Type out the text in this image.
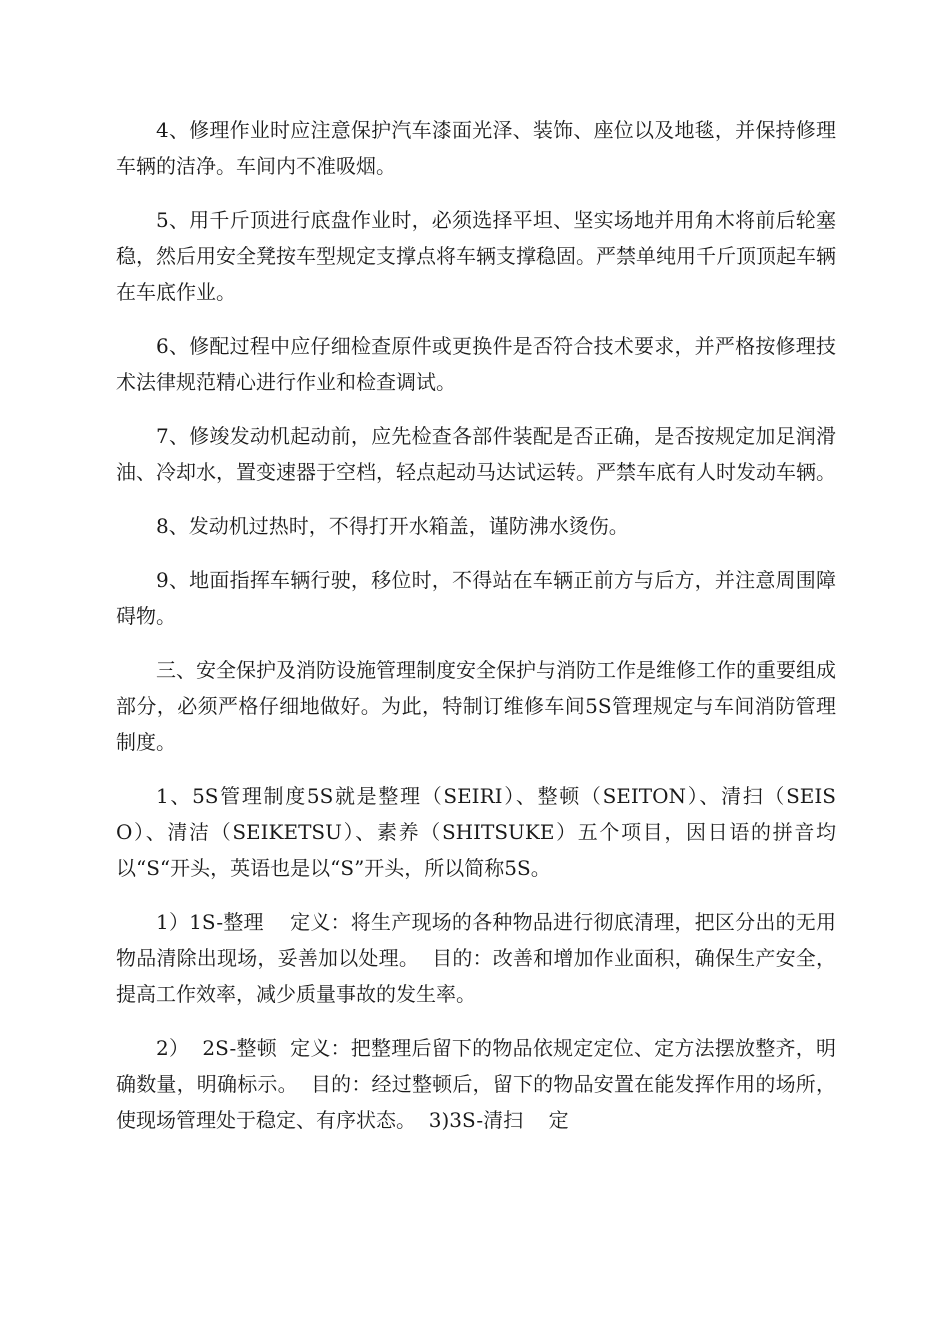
4、修理作业时应注意保护汽车漆面光泽、装饰、座位以及地毯，并保持修理车辆的洁净。车间内不准吸烟。

5、用千斤顶进行底盘作业时，必须选择平坦、坚实场地并用角木将前后轮塞稳，然后用安全凳按车型规定支撑点将车辆支撑稳固。严禁单纯用千斤顶顶起车辆在车底作业。

6、修配过程中应仔细检查原件或更换件是否符合技术要求，并严格按修理技术法律规范精心进行作业和检查调试。

7、修竣发动机起动前，应先检查各部件装配是否正确，是否按规定加足润滑油、冷却水，置变速器于空档，轻点起动马达试运转。严禁车底有人时发动车辆。

8、发动机过热时，不得打开水箱盖，谨防沸水烫伤。

9、地面指挥车辆行驶，移位时，不得站在车辆正前方与后方，并注意周围障碍物。

三、安全保护及消防设施管理制度安全保护与消防工作是维修工作的重要组成部分，必须严格仔细地做好。为此，特制订维修车间5S管理规定与车间消防管理制度。

1、5S管理制度5S就是整理（SEIRI）、整顿（SEITON）、清扫（SEISO）、清洁（SEIKETSU）、素养（SHITSUKE）五个项目，因日语的拼音均以“S“开头，英语也是以“S”开头，所以简称5S。

1）1S-整理    定义：将生产现场的各种物品进行彻底清理，把区分出的无用物品清除出现场，妥善加以处理。  目的：改善和增加作业面积，确保生产安全，提高工作效率，减少质量事故的发生率。

2）  2S-整顿  定义：把整理后留下的物品依规定定位、定方法摆放整齐，明确数量，明确标示。  目的：经过整顿后，留下的物品安置在能发挥作用的场所，使现场管理处于稳定、有序状态。  3)3S-清扫    定
